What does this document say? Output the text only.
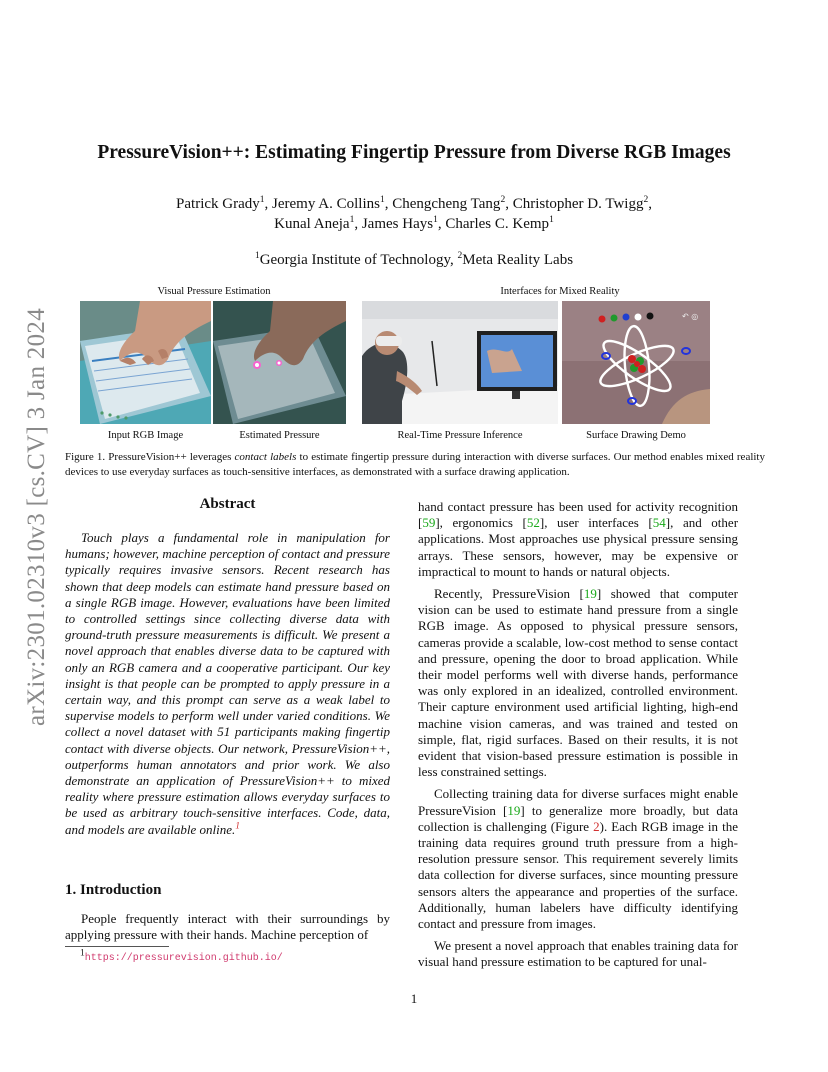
arXiv:2301.02310v3 [cs.CV] 3 Jan 2024
PressureVision++: Estimating Fingertip Pressure from Diverse RGB Images
Patrick Grady$^1$, Jeremy A. Collins$^1$, Chengcheng Tang$^2$, Christopher D. Twigg$^2$,
Kunal Aneja$^1$, James Hays$^1$, Charles C. Kemp$^1$
$^1$Georgia Institute of Technology, $^2$Meta Reality Labs
Visual Pressure Estimation	Interfaces for Mixed Reality
↶ ◎
Input RGB Image	Estimated Pressure	Real-Time Pressure Inference	Surface Drawing Demo
Figure 1. PressureVision++ leverages contact labels to estimate fingertip pressure during interaction with diverse surfaces. Our method enables mixed reality devices to use everyday surfaces as touch-sensitive interfaces, as demonstrated with a surface drawing application.
Abstract

Touch plays a fundamental role in manipulation for humans; however, machine perception of contact and pressure typically requires invasive sensors. Recent research has shown that deep models can estimate hand pressure based on a single RGB image. However, evaluations have been limited to controlled settings since collecting diverse data with ground-truth pressure measurements is difficult. We present a novel approach that enables diverse data to be captured with only an RGB camera and a cooperative participant. Our key insight is that people can be prompted to apply pressure in a certain way, and this prompt can serve as a weak label to supervise models to perform well under varied conditions. We collect a novel dataset with 51 participants making fingertip contact with diverse objects. Our network, PressureVision++, outperforms human annotators and prior work. We also demonstrate an application of PressureVision++ to mixed reality where pressure estimation allows everyday surfaces to be used as arbitrary touch-sensitive interfaces. Code, data, and models are available online.$^1$

1. Introduction

People frequently interact with their surroundings by applying pressure with their hands. Machine perception of

$^1$https://pressurevision.github.io/

hand contact pressure has been used for activity recognition [59], ergonomics [52], user interfaces [54], and other applications. Most approaches use physical pressure sensing arrays. These sensors, however, may be expensive or impractical to mount to hands or natural objects.

Recently, PressureVision [19] showed that computer vision can be used to estimate hand pressure from a single RGB image. As opposed to physical pressure sensors, cameras provide a scalable, low-cost method to sense contact and pressure, opening the door to broad application. While their model performs well with diverse hands, performance was only explored in an idealized, controlled environment. Their capture environment used artificial lighting, high-end machine vision cameras, and was trained and tested on simple, flat, rigid surfaces. Based on their results, it is not evident that vision-based pressure estimation is possible in less constrained settings.

Collecting training data for diverse surfaces might enable PressureVision [19] to generalize more broadly, but data collection is challenging (Figure 2). Each RGB image in the training data requires ground truth pressure from a high-resolution pressure sensor. This requirement severely limits data collection for diverse surfaces, since mounting pressure sensors alters the appearance and properties of the surface. Additionally, human labelers have difficulty identifying contact and pressure from images.

We present a novel approach that enables training data for visual hand pressure estimation to be captured for unal-

1
